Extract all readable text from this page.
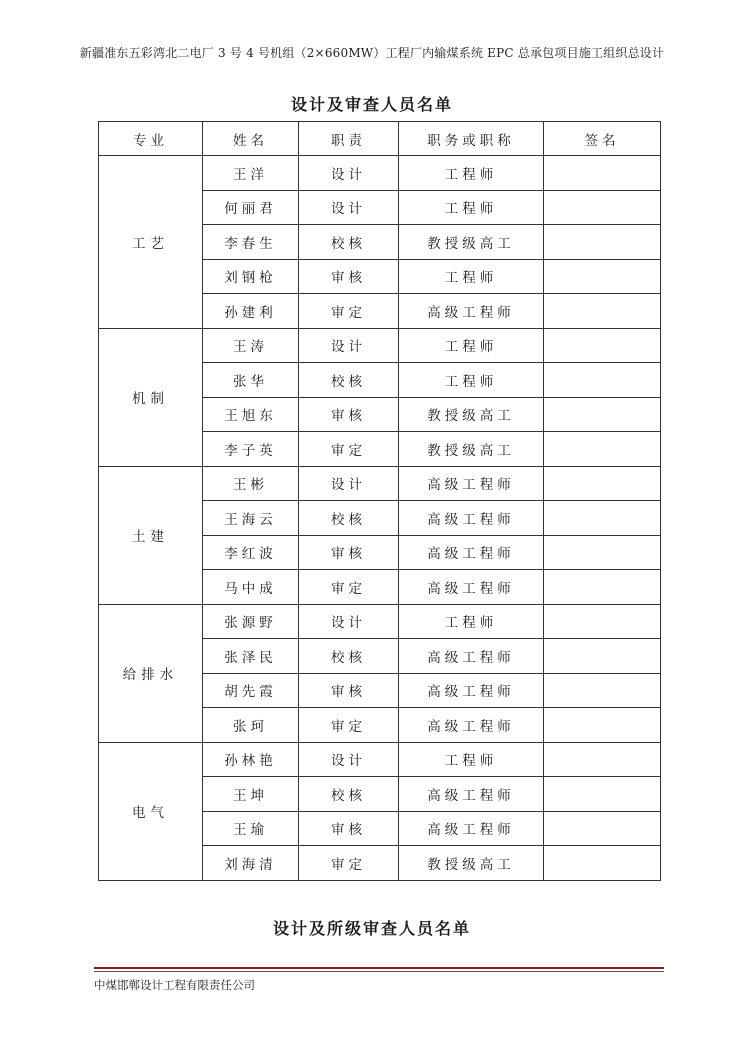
新疆准东五彩湾北二电厂 3 号 4 号机组（2×660MW）工程厂内输煤系统 EPC 总承包项目施工组织总设计
设计及审查人员名单
专业	姓名	职责	职务或职称	签名
工艺	王洋	设计	工程师	
	何丽君	设计	工程师	
	李春生	校核	教授级高工	
	刘钢枪	审核	工程师	
	孙建利	审定	高级工程师	
机制	王涛	设计	工程师	
	张华	校核	工程师	
	王旭东	审核	教授级高工	
	李子英	审定	教授级高工	
土建	王彬	设计	高级工程师	
	王海云	校核	高级工程师	
	李红波	审核	高级工程师	
	马中成	审定	高级工程师	
给排水	张源野	设计	工程师	
	张泽民	校核	高级工程师	
	胡先霞	审核	高级工程师	
	张珂	审定	高级工程师	
电气	孙林艳	设计	工程师	
	王坤	校核	高级工程师	
	王瑜	审核	高级工程师	
	刘海清	审定	教授级高工	
设计及所级审查人员名单
中煤邯郸设计工程有限责任公司
